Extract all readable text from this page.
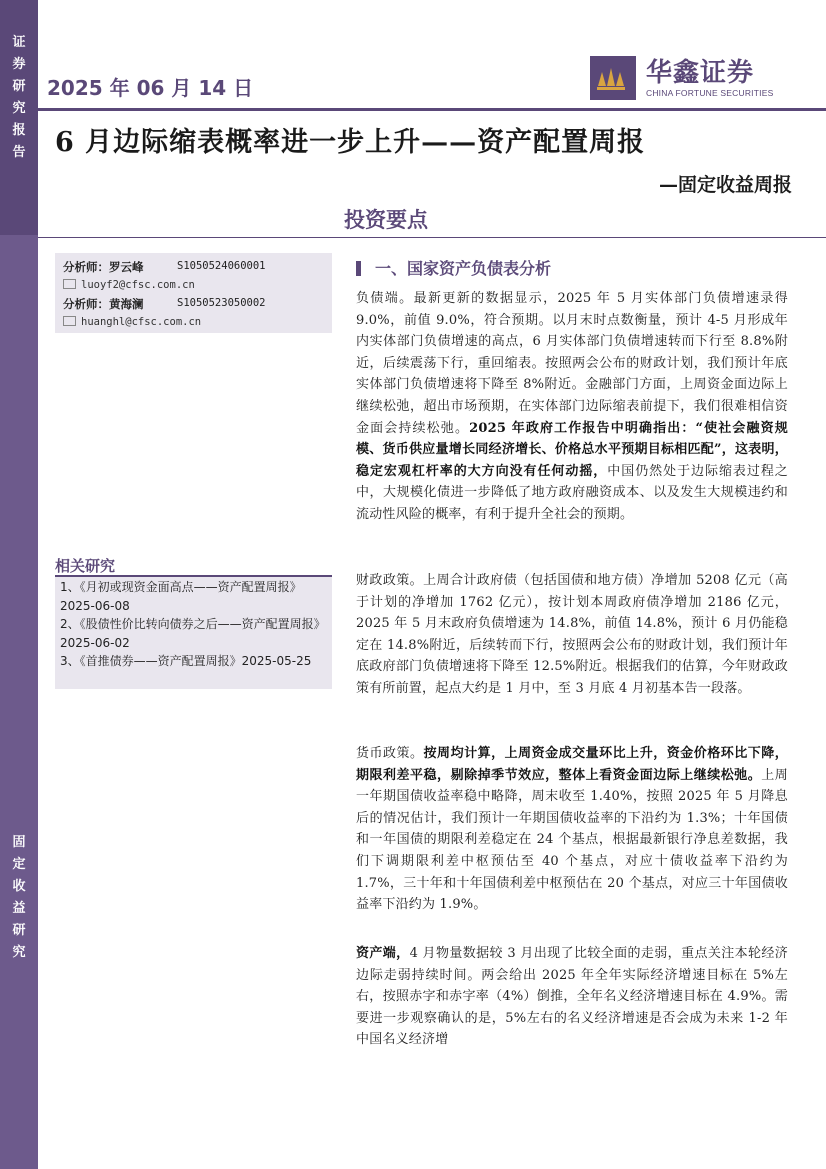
证
券
研
究
报
告
固
定
收
益
研
究
2025 年 06 月 14 日	华鑫证券
CHINA FORTUNE SECURITIES
6 月边际缩表概率进一步上升——资产配置周报
—固定收益周报
投资要点
分析师：罗云峰	S1050524060001
luoyf2@cfsc.com.cn
分析师：黄海澜	S1050523050002
huanghl@cfsc.com.cn
相关研究
1、《月初或现资金面高点——资产配置周报》2025-06-08
2、《股债性价比转向债券之后——资产配置周报》2025-06-02
3、《首推债券——资产配置周报》2025-05-25
一、国家资产负债表分析
负债端。最新更新的数据显示，2025 年 5 月实体部门负债增速录得 9.0%，前值 9.0%，符合预期。以月末时点数衡量，预计 4-5 月形成年内实体部门负债增速的高点，6 月实体部门负债增速转而下行至 8.8%附近，后续震荡下行，重回缩表。按照两会公布的财政计划，我们预计年底实体部门负债增速将下降至 8%附近。金融部门方面，上周资金面边际上继续松弛，超出市场预期，在实体部门边际缩表前提下，我们很难相信资金面会持续松弛。2025 年政府工作报告中明确指出：“使社会融资规模、货币供应量增长同经济增长、价格总水平预期目标相匹配”，这表明，稳定宏观杠杆率的大方向没有任何动摇，中国仍然处于边际缩表过程之中，大规模化债进一步降低了地方政府融资成本、以及发生大规模违约和流动性风险的概率，有利于提升全社会的预期。
财政政策。上周合计政府债（包括国债和地方债）净增加 5208 亿元（高于计划的净增加 1762 亿元），按计划本周政府债净增加 2186 亿元，2025 年 5 月末政府负债增速为 14.8%，前值 14.8%，预计 6 月仍能稳定在 14.8%附近，后续转而下行，按照两会公布的财政计划，我们预计年底政府部门负债增速将下降至 12.5%附近。根据我们的估算，今年财政政策有所前置，起点大约是 1 月中，至 3 月底 4 月初基本告一段落。
货币政策。按周均计算，上周资金成交量环比上升，资金价格环比下降，期限利差平稳，剔除掉季节效应，整体上看资金面边际上继续松弛。上周一年期国债收益率稳中略降，周末收至 1.40%，按照 2025 年 5 月降息后的情况估计，我们预计一年期国债收益率的下沿约为 1.3%；十年国债和一年国债的期限利差稳定在 24 个基点，根据最新银行净息差数据，我们下调期限利差中枢预估至 40 个基点，对应十债收益率下沿约为 1.7%，三十年和十年国债利差中枢预估在 20 个基点，对应三十年国债收益率下沿约为 1.9%。
资产端，4 月物量数据较 3 月出现了比较全面的走弱，重点关注本轮经济边际走弱持续时间。两会给出 2025 年全年实际经济增速目标在 5%左右，按照赤字和赤字率（4%）倒推，全年名义经济增速目标在 4.9%。需要进一步观察确认的是，5%左右的名义经济增速是否会成为未来 1-2 年中国名义经济增
